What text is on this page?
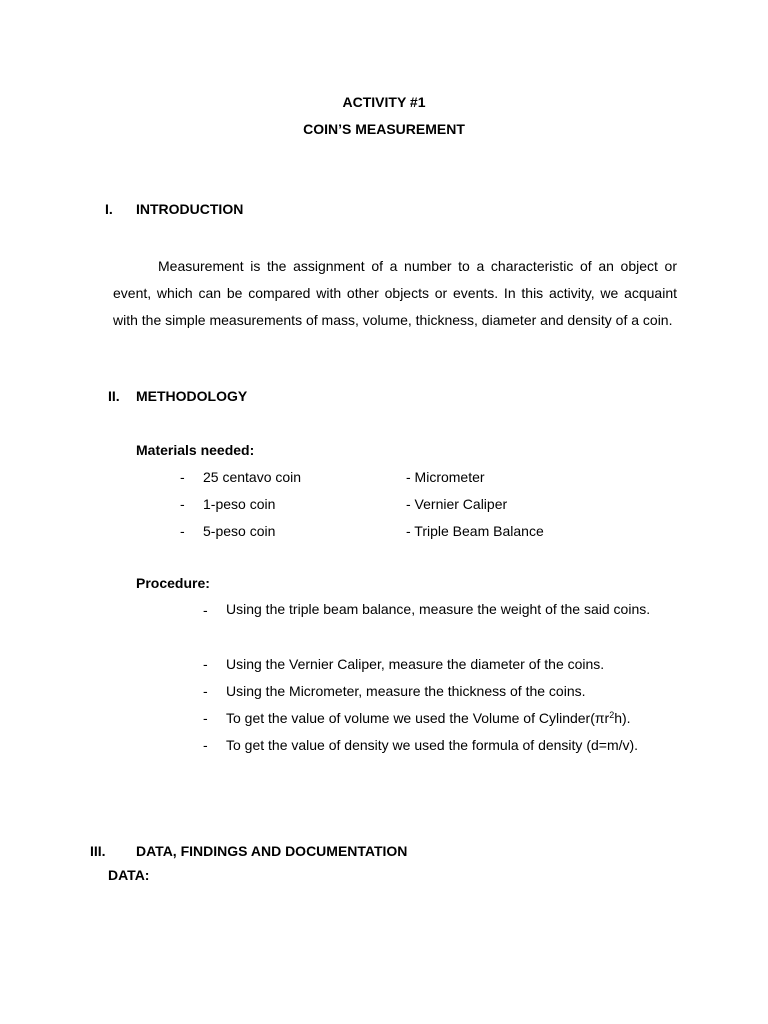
ACTIVITY #1
COIN’S MEASUREMENT
I. INTRODUCTION

Measurement is the assignment of a number to a characteristic of an object or event, which can be compared with other objects or events. In this activity, we acquaint with the simple measurements of mass, volume, thickness, diameter and density of a coin.

II. METHODOLOGY
Materials needed:
- 25 centavo coin	- Micrometer
- 1-peso coin	- Vernier Caliper
- 5-peso coin	- Triple Beam Balance
Procedure:
- Using the triple beam balance, measure the weight of the said coins.

- Using the Vernier Caliper, measure the diameter of the coins.
- Using the Micrometer, measure the thickness of the coins.
- To get the value of volume we used the Volume of $Cylinder(\pi r^2h)$.
- To get the value of density we used the formula of density (d=m/v).
III. DATA, FINDINGS AND DOCUMENTATION
DATA:
